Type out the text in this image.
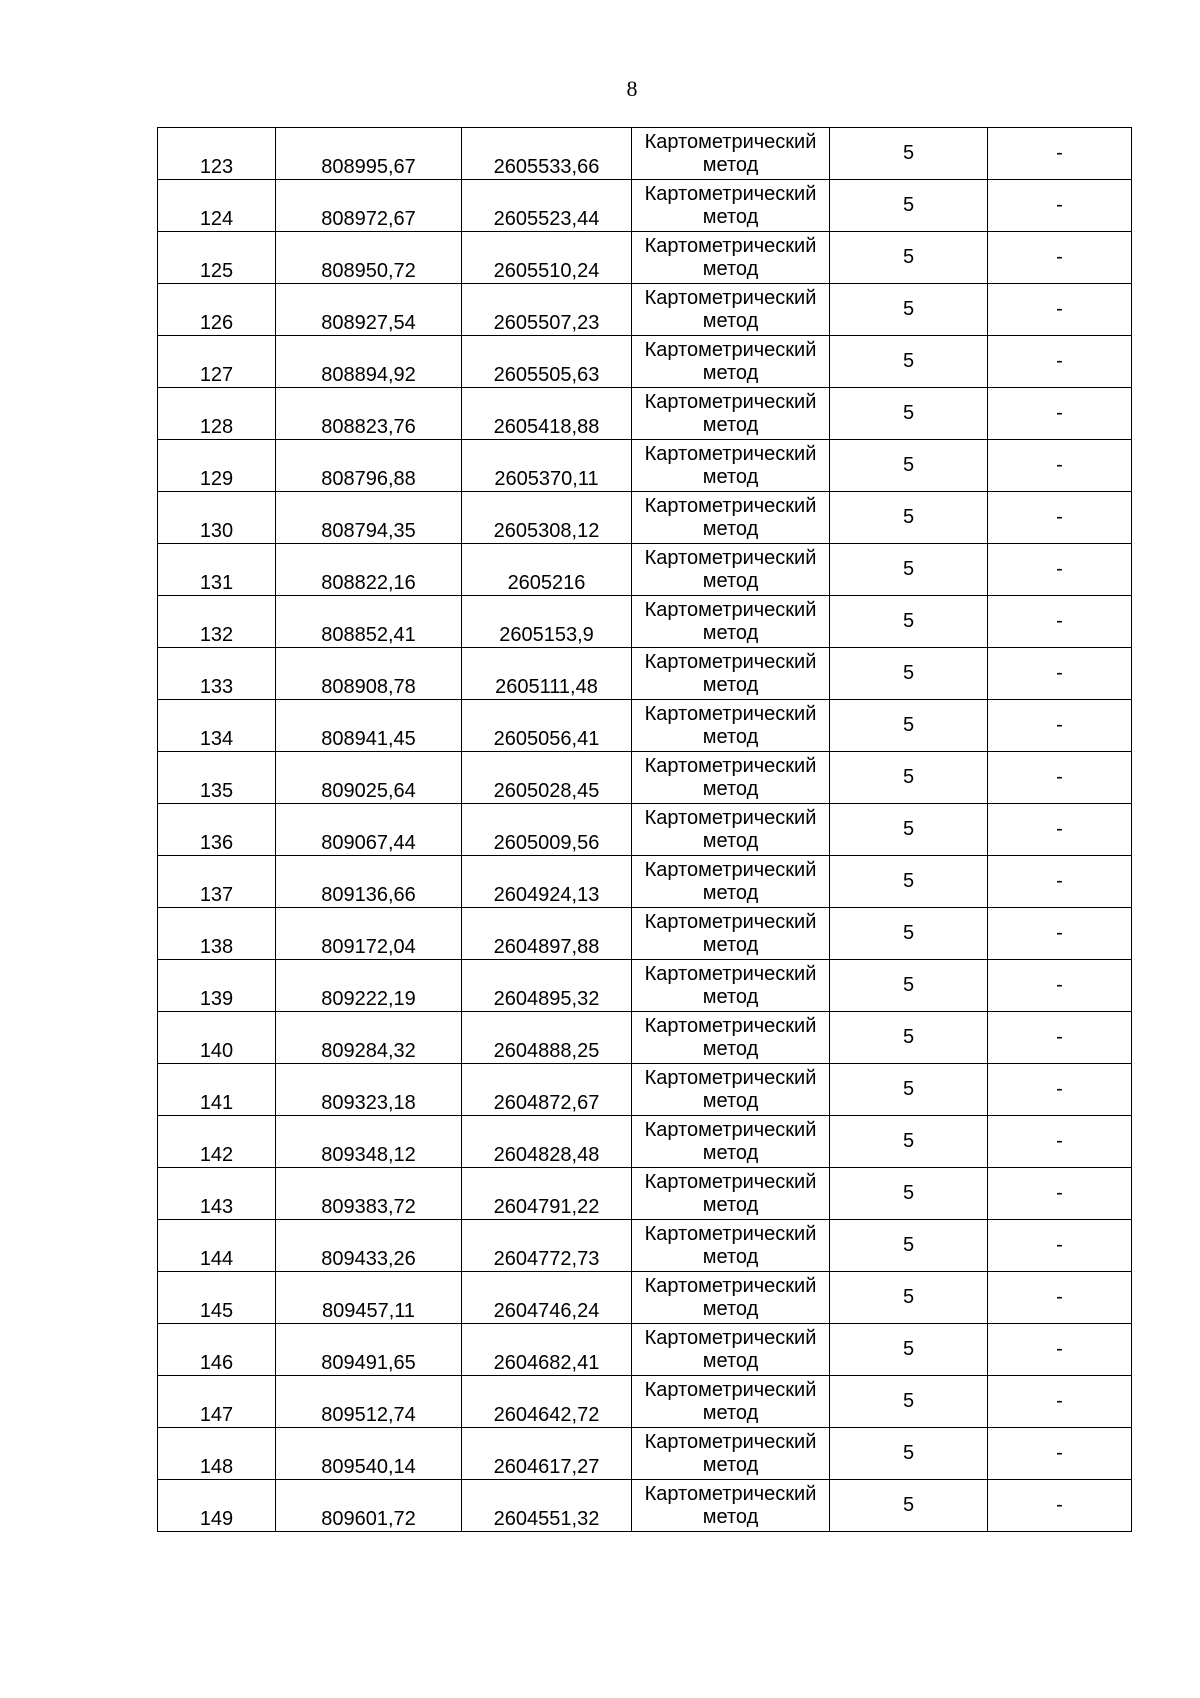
8
123	808995,67	2605533,66	Картометрический
метод	5	-

124	808972,67	2605523,44	Картометрический
метод	5	-

125	808950,72	2605510,24	Картометрический
метод	5	-

126	808927,54	2605507,23	Картометрический
метод	5	-

127	808894,92	2605505,63	Картометрический
метод	5	-

128	808823,76	2605418,88	Картометрический
метод	5	-

129	808796,88	2605370,11	Картометрический
метод	5	-

130	808794,35	2605308,12	Картометрический
метод	5	-

131	808822,16	2605216	Картометрический
метод	5	-

132	808852,41	2605153,9	Картометрический
метод	5	-

133	808908,78	2605111,48	Картометрический
метод	5	-

134	808941,45	2605056,41	Картометрический
метод	5	-

135	809025,64	2605028,45	Картометрический
метод	5	-

136	809067,44	2605009,56	Картометрический
метод	5	-

137	809136,66	2604924,13	Картометрический
метод	5	-

138	809172,04	2604897,88	Картометрический
метод	5	-

139	809222,19	2604895,32	Картометрический
метод	5	-

140	809284,32	2604888,25	Картометрический
метод	5	-

141	809323,18	2604872,67	Картометрический
метод	5	-

142	809348,12	2604828,48	Картометрический
метод	5	-

143	809383,72	2604791,22	Картометрический
метод	5	-

144	809433,26	2604772,73	Картометрический
метод	5	-

145	809457,11	2604746,24	Картометрический
метод	5	-

146	809491,65	2604682,41	Картометрический
метод	5	-

147	809512,74	2604642,72	Картометрический
метод	5	-

148	809540,14	2604617,27	Картометрический
метод	5	-

149	809601,72	2604551,32	Картометрический
метод	5	-
